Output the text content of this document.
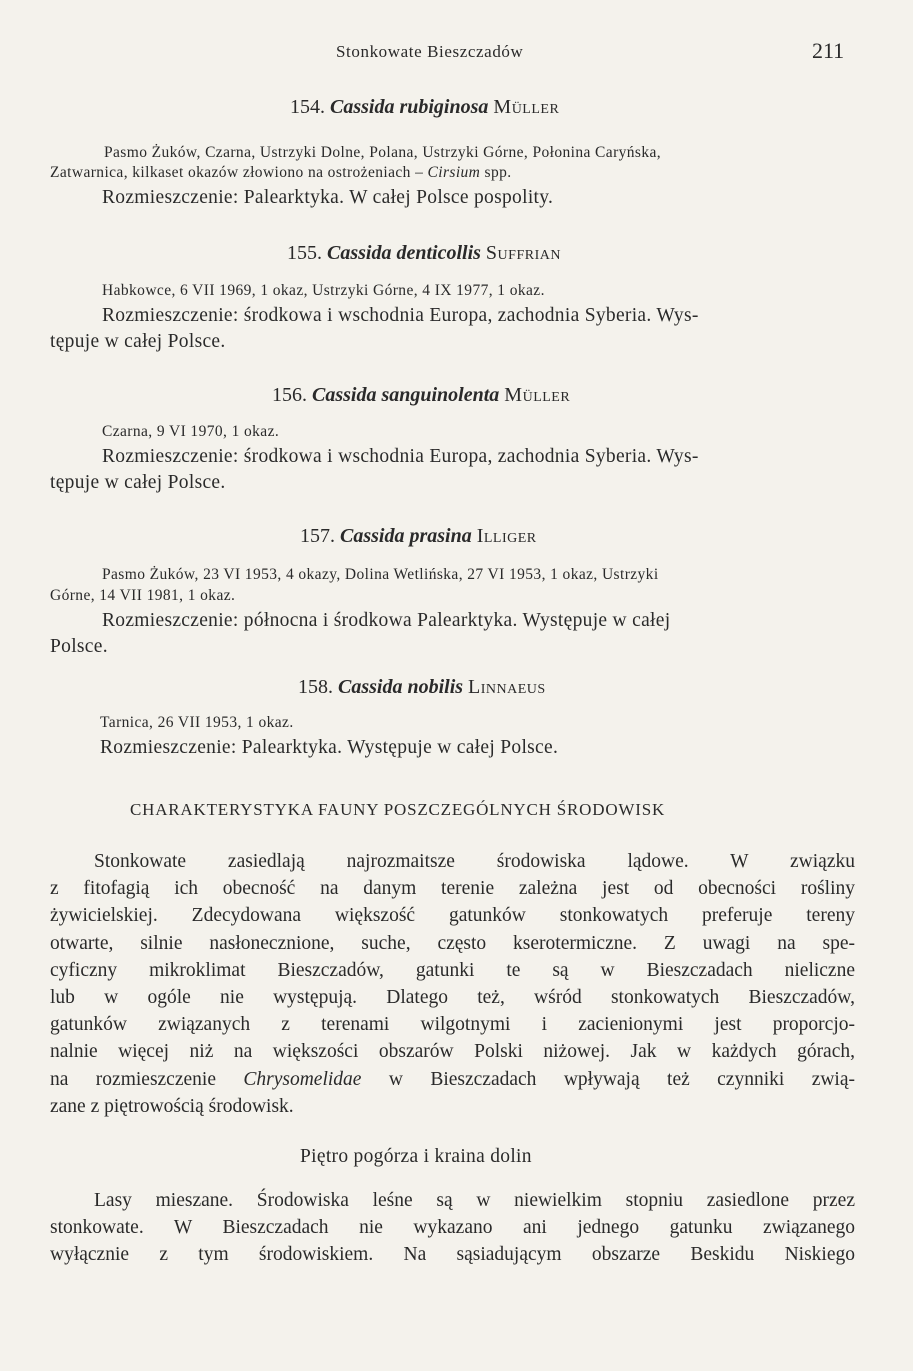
Stonkowate Bieszczadów	211
154. Cassida rubiginosa Müller
Pasmo Żuków, Czarna, Ustrzyki Dolne, Polana, Ustrzyki Górne, Połonina Caryńska,
Zatwarnica, kilkaset okazów złowiono na ostrożeniach – Cirsium spp.
Rozmieszczenie: Palearktyka. W całej Polsce pospolity.
155. Cassida denticollis Suffrian
Habkowce, 6 VII 1969, 1 okaz, Ustrzyki Górne, 4 IX 1977, 1 okaz.
Rozmieszczenie: środkowa i wschodnia Europa, zachodnia Syberia. Wys-
tępuje w całej Polsce.
156. Cassida sanguinolenta Müller
Czarna, 9 VI 1970, 1 okaz.
Rozmieszczenie: środkowa i wschodnia Europa, zachodnia Syberia. Wys-
tępuje w całej Polsce.
157. Cassida prasina Illiger
Pasmo Żuków, 23 VI 1953, 4 okazy, Dolina Wetlińska, 27 VI 1953, 1 okaz, Ustrzyki
Górne, 14 VII 1981, 1 okaz.
Rozmieszczenie: północna i środkowa Palearktyka. Występuje w całej
Polsce.
158. Cassida nobilis Linnaeus
Tarnica, 26 VII 1953, 1 okaz.
Rozmieszczenie: Palearktyka. Występuje w całej Polsce.
CHARAKTERYSTYKA FAUNY POSZCZEGÓLNYCH ŚRODOWISK
Stonkowate zasiedlają najrozmaitsze środowiska lądowe. W związku
z fitofagią ich obecność na danym terenie zależna jest od obecności rośliny
żywicielskiej. Zdecydowana większość gatunków stonkowatych preferuje tereny
otwarte, silnie nasłonecznione, suche, często kserotermiczne. Z uwagi na spe-
cyficzny mikroklimat Bieszczadów, gatunki te są w Bieszczadach nieliczne
lub w ogóle nie występują. Dlatego też, wśród stonkowatych Bieszczadów,
gatunków związanych z terenami wilgotnymi i zacienionymi jest proporcjo-
nalnie więcej niż na większości obszarów Polski niżowej. Jak w każdych górach,
na rozmieszczenie Chrysomelidae w Bieszczadach wpływają też czynniki zwią-
zane z piętrowością środowisk.
Piętro pogórza i kraina dolin
Lasy mieszane. Środowiska leśne są w niewielkim stopniu zasiedlone przez
stonkowate. W Bieszczadach nie wykazano ani jednego gatunku związanego
wyłącznie z tym środowiskiem. Na sąsiadującym obszarze Beskidu Niskiego
